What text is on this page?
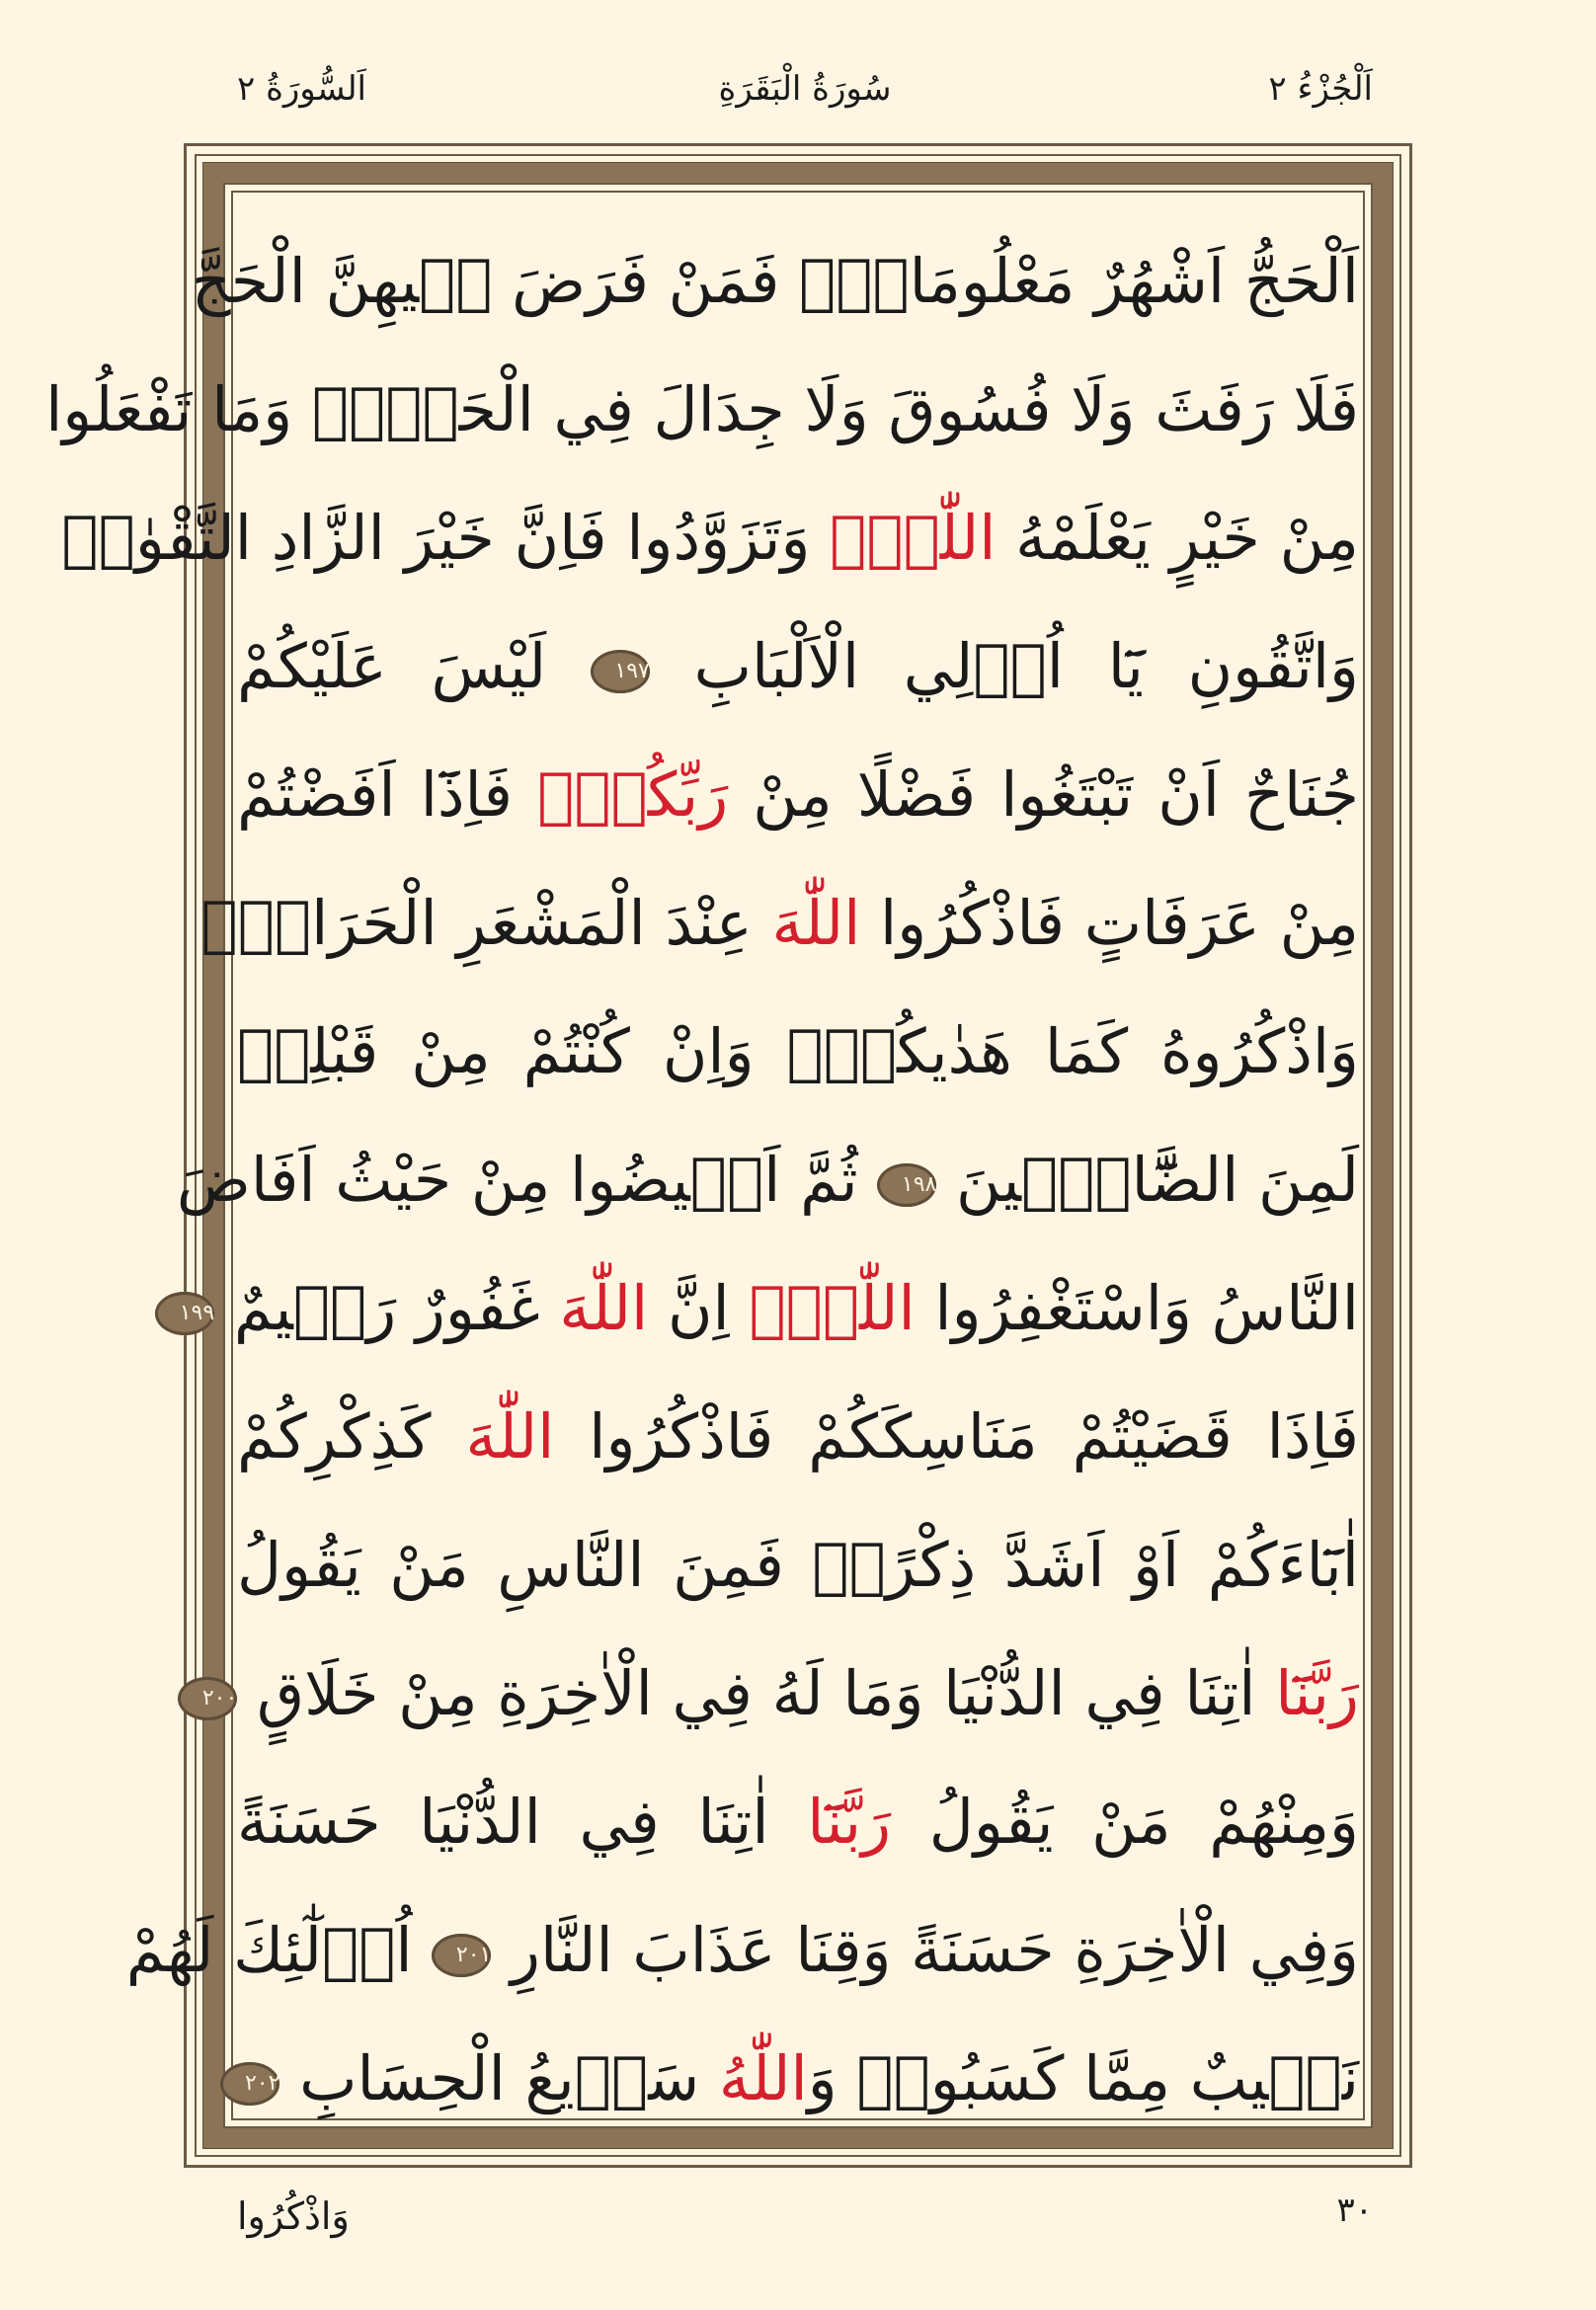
اَلْجُزْءُ ٢
سُورَةُ الْبَقَرَةِ
اَلسُّورَةُ ٢
اَلْحَجُّ اَشْهُرٌ مَعْلُومَاتٌۚ فَمَنْ فَرَضَ ف۪يهِنَّ الْحَجَّ
فَلَا رَفَثَ وَلَا فُسُوقَ وَلَا جِدَالَ فِي الْحَجِّۜ وَمَا تَفْعَلُوا
مِنْ خَيْرٍ يَعْلَمْهُ اللّٰهُۜ وَتَزَوَّدُوا فَاِنَّ خَيْرَ الزَّادِ التَّقْوٰىۘ
وَاتَّقُونِ يَٓا اُو۬لِي الْاَلْبَابِ ١٩٧ لَيْسَ عَلَيْكُمْ
جُنَاحٌ اَنْ تَبْتَغُوا فَضْلًا مِنْ رَبِّكُمْۜ فَاِذَٓا اَفَضْتُمْ
مِنْ عَرَفَاتٍ فَاذْكُرُوا اللّٰهَ عِنْدَ الْمَشْعَرِ الْحَرَامِۖ
وَاذْكُرُوهُ كَمَا هَدٰيكُمْۚ وَاِنْ كُنْتُمْ مِنْ قَبْلِه۪
لَمِنَ الضَّٓالّ۪ينَ ١٩٨ ثُمَّ اَف۪يضُوا مِنْ حَيْثُ اَفَاضَ
النَّاسُ وَاسْتَغْفِرُوا اللّٰهَۜ اِنَّ اللّٰهَ غَفُورٌ رَح۪يمٌ ١٩٩
فَاِذَا قَضَيْتُمْ مَنَاسِكَكُمْ فَاذْكُرُوا اللّٰهَ كَذِكْرِكُمْ
اٰبَٓاءَكُمْ اَوْ اَشَدَّ ذِكْرًاۜ فَمِنَ النَّاسِ مَنْ يَقُولُ
رَبَّنَٓا اٰتِنَا فِي الدُّنْيَا وَمَا لَهُ فِي الْاٰخِرَةِ مِنْ خَلَاقٍ ٢٠٠
وَمِنْهُمْ مَنْ يَقُولُ رَبَّنَٓا اٰتِنَا فِي الدُّنْيَا حَسَنَةً
وَفِي الْاٰخِرَةِ حَسَنَةً وَقِنَا عَذَابَ النَّارِ ٢٠١ اُو۬لٰٓئِكَ لَهُمْ
نَص۪يبٌ مِمَّا كَسَبُواۜ وَاللّٰهُ سَر۪يعُ الْحِسَابِ ٢٠٢
٣٠
وَاذْكُرُوا
